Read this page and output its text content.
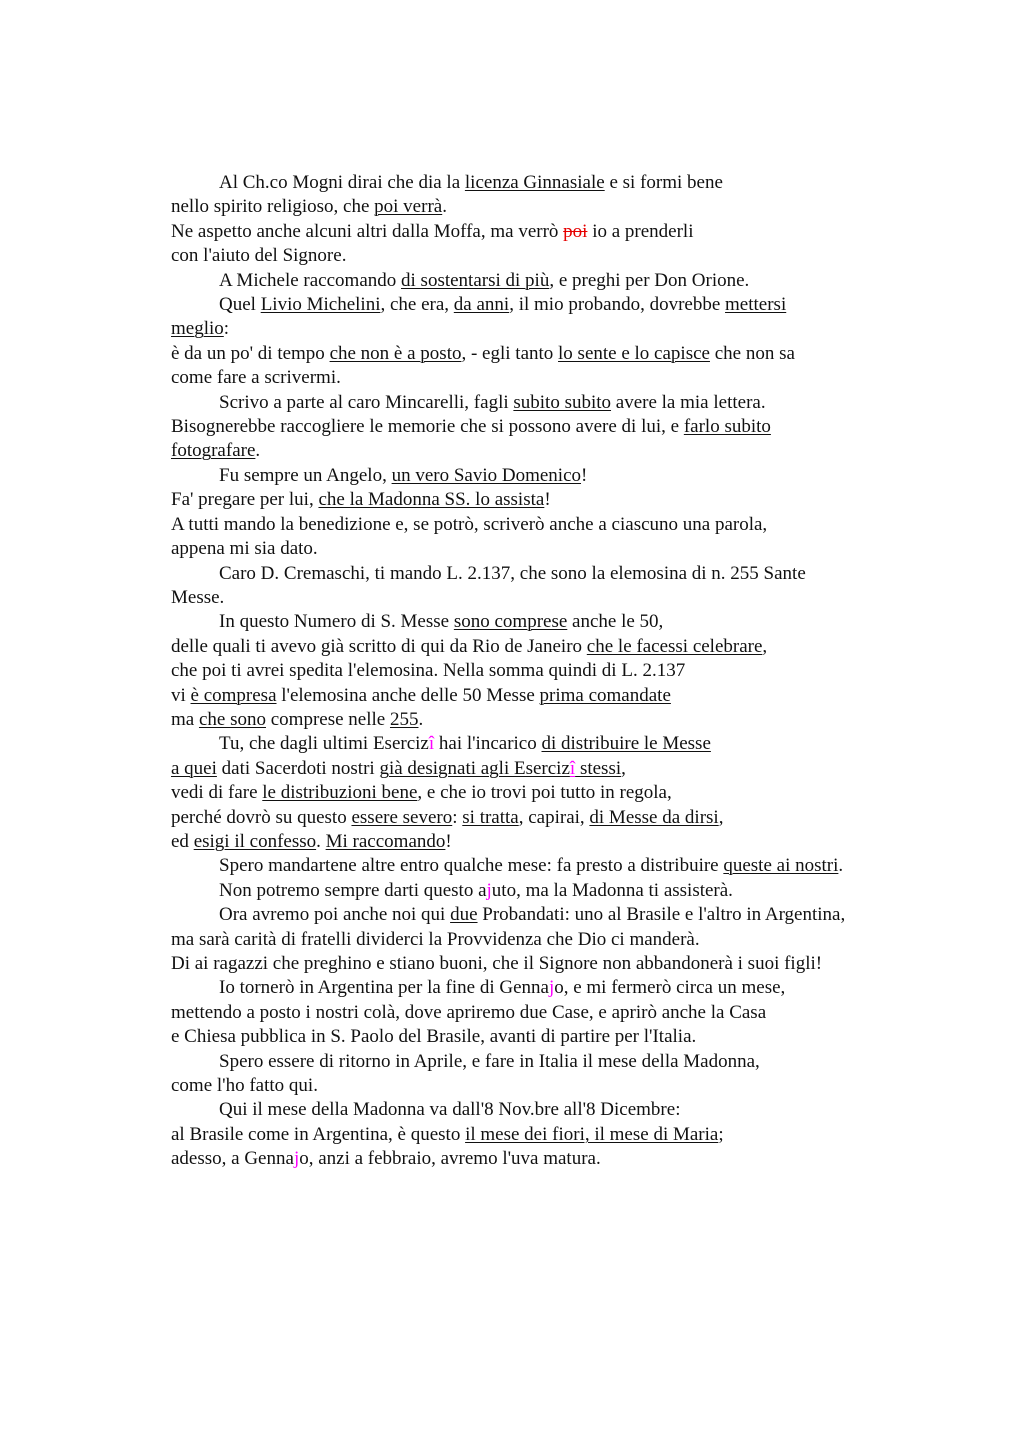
Al Ch.co Mogni dirai che dia la licenza Ginnasiale e si formi bene
nello spirito religioso, che poi verrà.
Ne aspetto anche alcuni altri dalla Moffa, ma verrò poi io a prenderli
con l'aiuto del Signore.
A Michele raccomando di sostentarsi di più, e preghi per Don Orione.
Quel Livio Michelini, che era, da anni, il mio probando, dovrebbe mettersi
meglio:
è da un po' di tempo che non è a posto, - egli tanto lo sente e lo capisce che non sa
come fare a scrivermi.
Scrivo a parte al caro Mincarelli, fagli subito subito avere la mia lettera.
Bisognerebbe raccogliere le memorie che si possono avere di lui, e farlo subito
fotografare.
Fu sempre un Angelo, un vero Savio Domenico!
Fa' pregare per lui, che la Madonna SS. lo assista!
A tutti mando la benedizione e, se potrò, scriverò anche a ciascuno una parola,
appena mi sia dato.
Caro D. Cremaschi, ti mando L. 2.137, che sono la elemosina di n. 255 Sante
Messe.
In questo Numero di S. Messe sono comprese anche le 50,
delle quali ti avevo già scritto di qui da Rio de Janeiro che le facessi celebrare,
che poi ti avrei spedita l'elemosina. Nella somma quindi di L. 2.137
vi è compresa l'elemosina anche delle 50 Messe prima comandate
ma che sono comprese nelle 255.
Tu, che dagli ultimi Esercizî hai l'incarico di distribuire le Messe
a quei dati Sacerdoti nostri già designati agli Esercizî stessi,
vedi di fare le distribuzioni bene, e che io trovi poi tutto in regola,
perché dovrò su questo essere severo: si tratta, capirai, di Messe da dirsi,
ed esigi il confesso. Mi raccomando!
Spero mandartene altre entro qualche mese: fa presto a distribuire queste ai nostri.
Non potremo sempre darti questo ajuto, ma la Madonna ti assisterà.
Ora avremo poi anche noi qui due Probandati: uno al Brasile e l'altro in Argentina,
ma sarà carità di fratelli dividerci la Provvidenza che Dio ci manderà.
Di ai ragazzi che preghino e stiano buoni, che il Signore non abbandonerà i suoi figli!
Io tornerò in Argentina per la fine di Gennajo, e mi fermerò circa un mese,
mettendo a posto i nostri colà, dove apriremo due Case, e aprirò anche la Casa
e Chiesa pubblica in S. Paolo del Brasile, avanti di partire per l'Italia.
Spero essere di ritorno in Aprile, e fare in Italia il mese della Madonna,
come l'ho fatto qui.
Qui il mese della Madonna va dall'8 Nov.bre all'8 Dicembre:
al Brasile come in Argentina, è questo il mese dei fiori, il mese di Maria;
adesso, a Gennajo, anzi a febbraio, avremo l'uva matura.
